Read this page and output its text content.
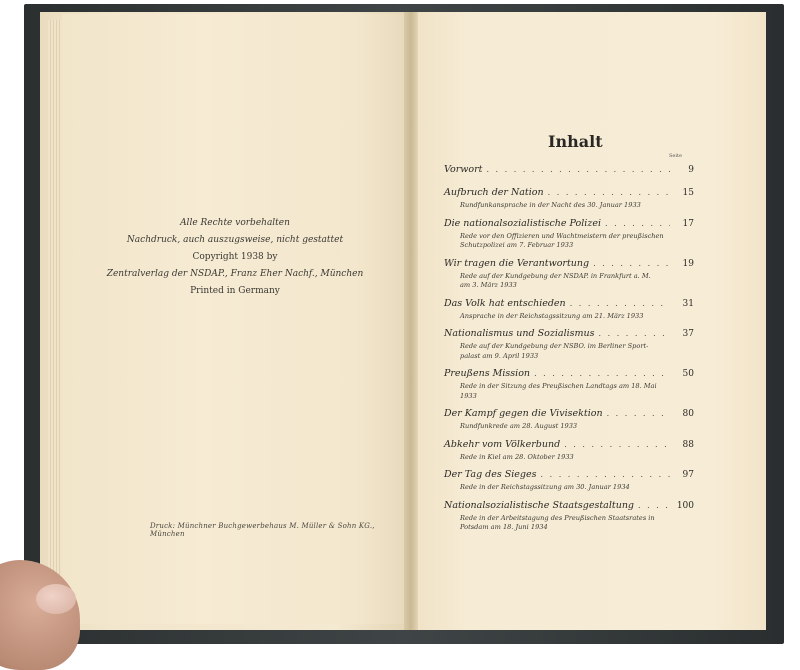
Alle Rechte vorbehalten
Nachdruck, auch auszugsweise, nicht gestattet
Copyright 1938 by
Zentralverlag der NSDAP., Franz Eher Nachf., München
Printed in Germany
Druck: Münchner Buchgewerbehaus M. Müller & Sohn KG., München
Inhalt
Seite
Vorwort . . .	9
Aufbruch der Nation . . .	15
Rundfunkansprache in der Nacht des 30. Januar 1933
Die nationalsozialistische Polizei . . .	17
Rede vor den Offizieren und Wachtmeistern der preußischen
Schutzpolizei am 7. Februar 1933
Wir tragen die Verantwortung . . .	19
Rede auf der Kundgebung der NSDAP. in Frankfurt a. M.
am 3. März 1933
Das Volk hat entschieden . . .	31
Ansprache in der Reichstagssitzung am 21. März 1933
Nationalismus und Sozialismus . . .	37
Rede auf der Kundgebung der NSBO. im Berliner Sport-
palast am 9. April 1933
Preußens Mission . . .	50
Rede in der Sitzung des Preußischen Landtags am 18. Mai
1933
Der Kampf gegen die Vivisektion . . .	80
Rundfunkrede am 28. August 1933
Abkehr vom Völkerbund . . .	88
Rede in Kiel am 28. Oktober 1933
Der Tag des Sieges . . .	97
Rede in der Reichstagssitzung am 30. Januar 1934
Nationalsozialistische Staatsgestaltung . . .	100
Rede in der Arbeitstagung des Preußischen Staatsrates in
Potsdam am 18. Juni 1934
